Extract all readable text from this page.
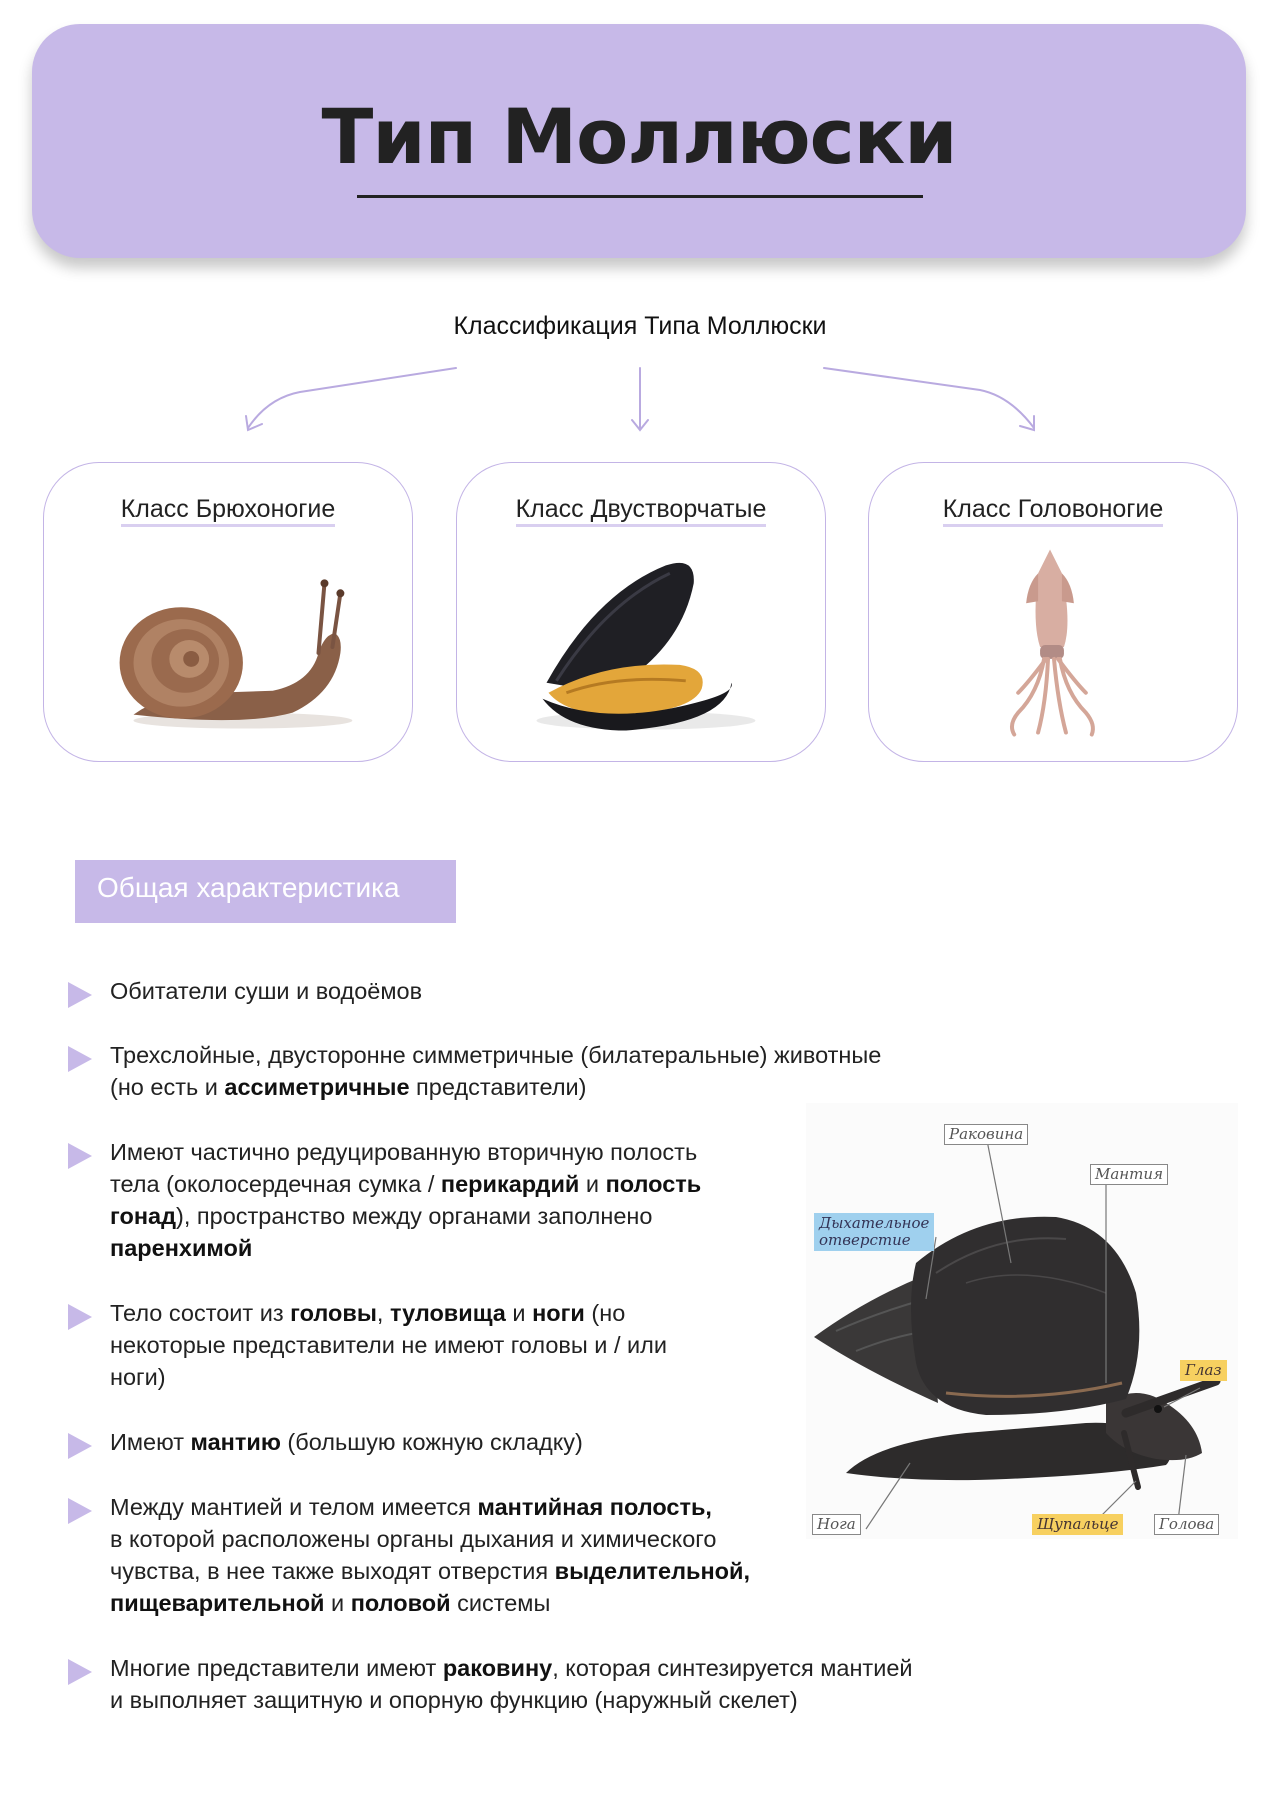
Тип Моллюски
Классификация Типа Моллюски
Класс Брюхоногие	Класс Двустворчатые	Класс Головоногие
Общая характеристика
Обитатели суши и водоёмов
Трехслойные, двусторонне симметричные (билатеральные) животные
(но есть и ассиметричные представители)
Имеют частично редуцированную вторичную полость
тела (околосердечная сумка / перикардий и полость
гонад), пространство между органами заполнено
паренхимой
Тело состоит из головы, туловища и ноги (но
некоторые представители не имеют головы и / или
ноги)
Имеют мантию (большую кожную складку)
Между мантией и телом имеется мантийная полость,
в которой расположены органы дыхания и химического
чувства, в нее также выходят отверстия выделительной,
пищеварительной и половой системы
Многие представители имеют раковину, которая синтезируется мантией
и выполняет защитную и опорную функцию (наружный скелет)
Раковина
Мантия
Дыхательное
отверстие
Глаз
Нога	Щупальце	Голова
